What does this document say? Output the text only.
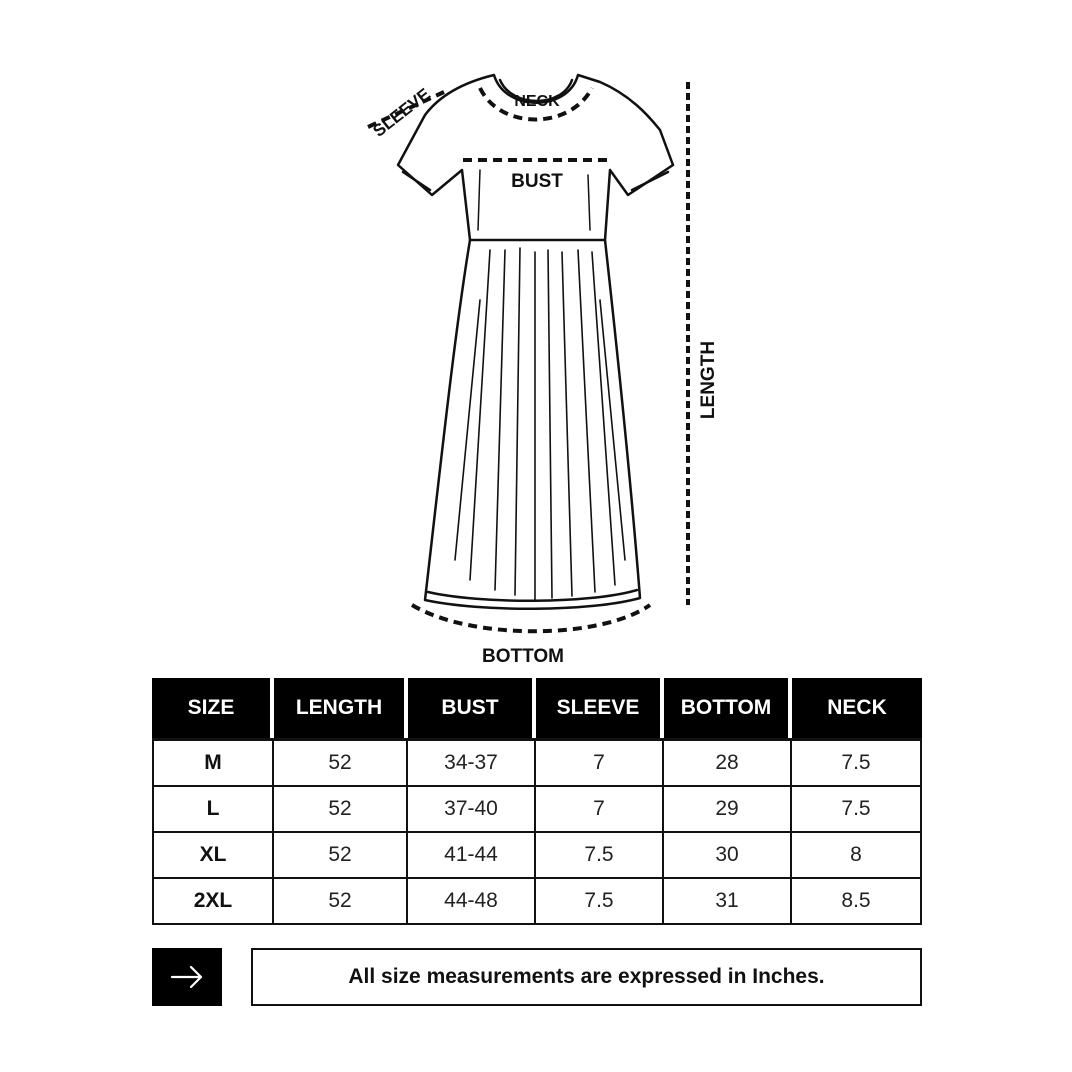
SLEEVE	NECK
BUST
LENGTH
BOTTOM
SIZE	LENGTH	BUST	SLEEVE	BOTTOM	NECK
M	52	34-37	7	28	7.5
L	52	37-40	7	29	7.5
XL	52	41-44	7.5	30	8
2XL	52	44-48	7.5	31	8.5
All size measurements are expressed in Inches.
